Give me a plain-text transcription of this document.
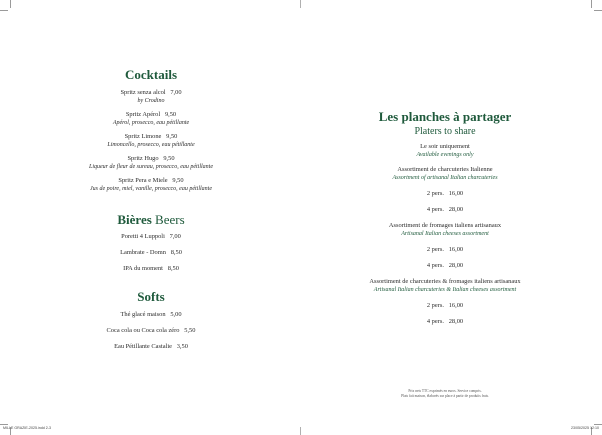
Cocktails
Spritz senza alcol 7,00
by Crodino
Spritz Apérol 9,50
Apérol, prosecco, eau pétillante
Spritz Limone 9,50
Limoncello, prosecco, eau pétillante
Spritz Hugo 9,50
Liqueur de fleur de sureau, prosecco, eau pétillante
Spritz Pera e Miele 9,50
Jus de poire, miel, vanille, prosecco, eau pétillante
Bières Beers
Poretti 4 Luppoli 7,00
Lambrate - Domn 8,50
IPA du moment 8,50
Softs
Thé glacé maison 5,00
Coca cola ou Coca cola zéro 5,50
Eau Pétillante Castalie 3,50
Les planches à partager
Platers to share
Le soir uniquement
Available evenings only
Assortiment de charcuteries Italienne
Assortment of artisanal Italian charcuteries
2 pers. 16,00
4 pers. 28,00
Assortiment de fromages italiens artisanaux
Artisanal Italian cheeses assortment
2 pers. 16,00
4 pers. 28,00
Assortiment de charcuteries & fromages italiens artisanaux
Artisanal Italian charcuteries & Italian cheeses assortment
2 pers. 16,00
4 pers. 28,00
Prix nets TTC exprimés en euros. Service compris.
Plats fait maison, élaborés sur place à partir de produits frais.
MILLE GRAZIE-2025.indd 2-3	23/05/2025 12:10
